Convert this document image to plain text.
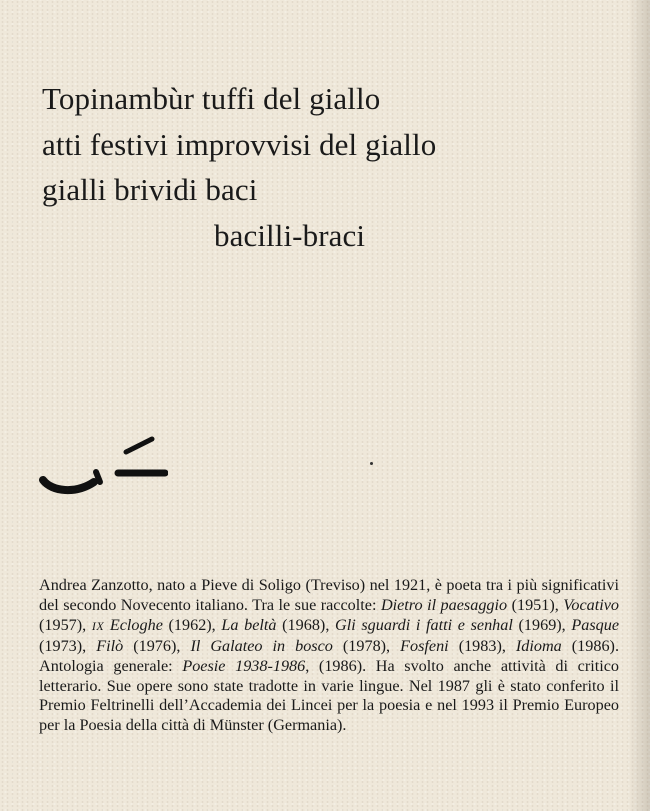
Topinambùr tuffi del giallo
atti festivi improvvisi del giallo
gialli brividi baci
bacilli-braci
Andrea Zanzotto, nato a Pieve di Soligo (Treviso) nel 1921, è poeta tra i più significativi del secondo Novecento italiano. Tra le sue raccolte: Dietro il paesaggio (1951), Vocativo (1957), IX Ecloghe (1962), La beltà (1968), Gli sguardi i fatti e senhal (1969), Pasque (1973), Filò (1976), Il Galateo in bosco (1978), Fosfeni (1983), Idioma (1986). Antologia generale: Poesie 1938-1986, (1986). Ha svolto anche attività di critico letterario. Sue opere sono state tradotte in varie lingue. Nel 1987 gli è stato conferito il Premio Feltrinelli dell’Accademia dei Lincei per la poesia e nel 1993 il Premio Europeo per la Poesia della città di Münster (Germania).
